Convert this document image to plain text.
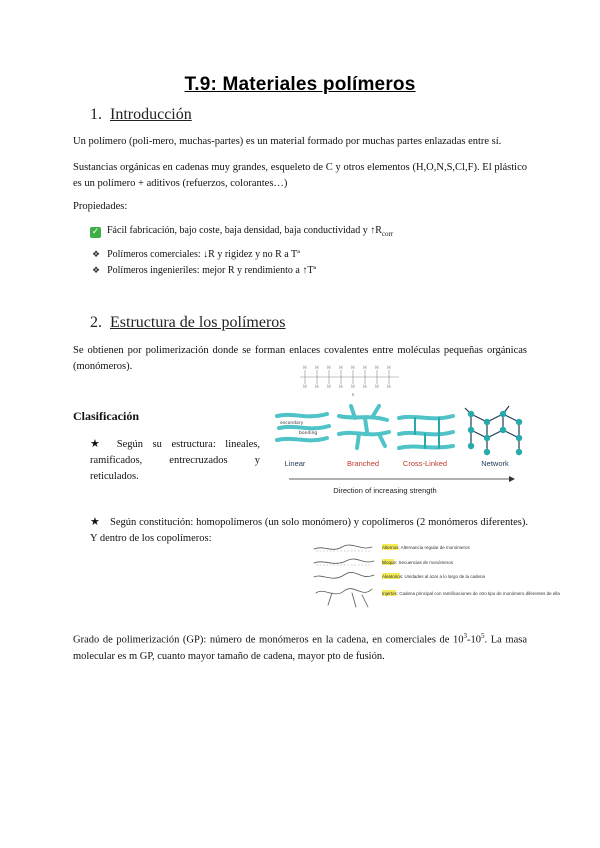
T.9: Materiales polímeros
1. Introducción
Un polímero (poli-mero, muchas-partes) es un material formado por muchas partes enlazadas entre sí.
Sustancias orgánicas en cadenas muy grandes, esqueleto de C y otros elementos (H,O,N,S,Cl,F). El plástico es un polímero + aditivos (refuerzos, colorantes…)
Propiedades:
✓ Fácil fabricación, bajo coste, baja densidad, baja conductividad y $↑R_{corr}$
❖ Polímeros comerciales: ↓R y rigidez y no R a Tª
❖ Polímeros ingenieriles: mejor R y rendimiento a ↑Tª
2. Estructura de los polímeros
Se obtienen por polimerización donde se forman enlaces covalentes entre moléculas pequeñas orgánicas (monómeros).	H H H H H H H H
H H H H H H H H
n
Clasificación
★ Según su estructura: lineales, ramificados, entrecruzados y reticulados.
secondary
bonding
Linear	Branched	Cross-Linked	Network
Direction of increasing strength
★ Según constitución: homopolímeros (un solo monómero) y copolímeros (2 monómeros diferentes). Y dentro de los copolímeros:
Alternos: Alternancia regular de monómeros
Bloque: Secuencias de monómeros
Aleatorios: Unidades al azar a lo largo de la cadena
Injertos: Cadena principal con ramificaciones de otro tipo de monómero diferentes de ella
Grado de polimerización (GP): número de monómeros en la cadena, en comerciales de $10^3-10^5$. La masa molecular es m GP, cuanto mayor tamaño de cadena, mayor pto de fusión.
